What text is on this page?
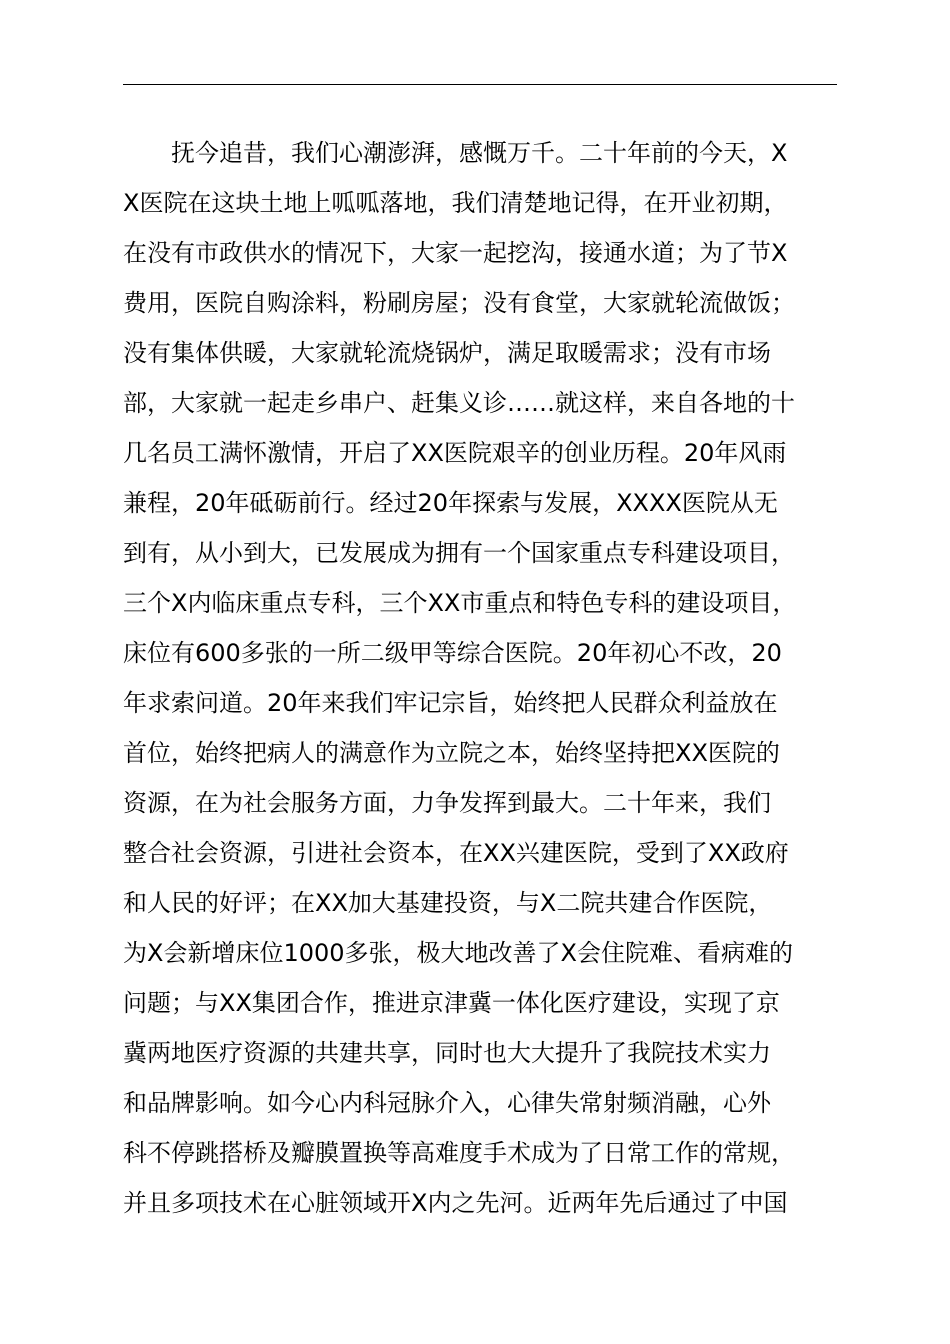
抚今追昔，我们心潮澎湃，感慨万千。二十年前的今天，X
X医院在这块土地上呱呱落地，我们清楚地记得，在开业初期，
在没有市政供水的情况下，大家一起挖沟，接通水道；为了节X
费用，医院自购涂料，粉刷房屋；没有食堂，大家就轮流做饭；
没有集体供暖，大家就轮流烧锅炉，满足取暖需求；没有市场
部，大家就一起走乡串户、赶集义诊……就这样，来自各地的十
几名员工满怀激情，开启了XX医院艰辛的创业历程。20年风雨
兼程，20年砥砺前行。经过20年探索与发展，XXXX医院从无
到有，从小到大，已发展成为拥有一个国家重点专科建设项目，
三个X内临床重点专科，三个XX市重点和特色专科的建设项目，
床位有600多张的一所二级甲等综合医院。20年初心不改，20
年求索问道。20年来我们牢记宗旨，始终把人民群众利益放在
首位，始终把病人的满意作为立院之本，始终坚持把XX医院的
资源，在为社会服务方面，力争发挥到最大。二十年来，我们
整合社会资源，引进社会资本，在XX兴建医院，受到了XX政府
和人民的好评；在XX加大基建投资，与X二院共建合作医院，
为X会新增床位1000多张，极大地改善了X会住院难、看病难的
问题；与XX集团合作，推进京津冀一体化医疗建设，实现了京
冀两地医疗资源的共建共享，同时也大大提升了我院技术实力
和品牌影响。如今心内科冠脉介入，心律失常射频消融，心外
科不停跳搭桥及瓣膜置换等高难度手术成为了日常工作的常规，
并且多项技术在心脏领域开X内之先河。近两年先后通过了中国
